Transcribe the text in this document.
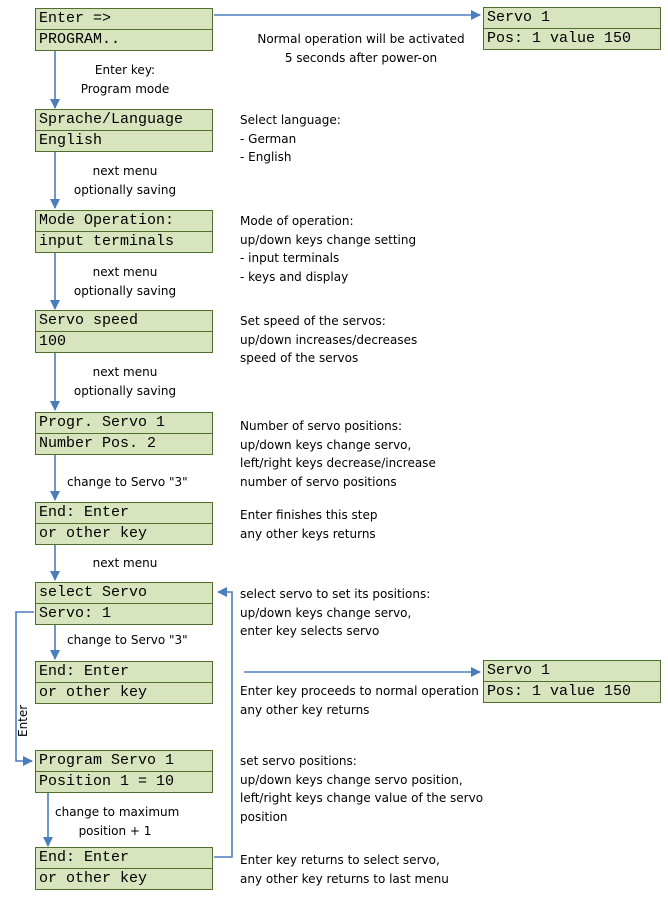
Enter =>
PROGRAM..
Servo 1
Pos: 1 value 150
Sprache/Language
English
Mode Operation:
input terminals
Servo speed
100
Progr. Servo 1
Number Pos. 2
End: Enter
or other key
select Servo
Servo: 1
End: Enter
or other key
Servo 1
Pos: 1 value 150
Program Servo 1
Position 1 = 10
End: Enter
or other key
Enter key:
Program mode
next menu
optionally saving
next menu
optionally saving
next menu
optionally saving
change to Servo "3"
next menu
change to Servo "3"
change to maximum
position + 1
Enter
Normal operation will be activated
5 seconds after power-on
Select language:
- German
- English
Mode of operation:
up/down keys change setting
- input terminals
- keys and display
Set speed of the servos:
up/down increases/decreases
speed of the servos
Number of servo positions:
up/down keys change servo,
left/right keys decrease/increase
number of servo positions
Enter finishes this step
any other keys returns
select servo to set its positions:
up/down keys change servo,
enter key selects servo
Enter key proceeds to normal operation
any other key returns
set servo positions:
up/down keys change servo position,
left/right keys change value of the servo
position
Enter key returns to select servo,
any other key returns to last menu
